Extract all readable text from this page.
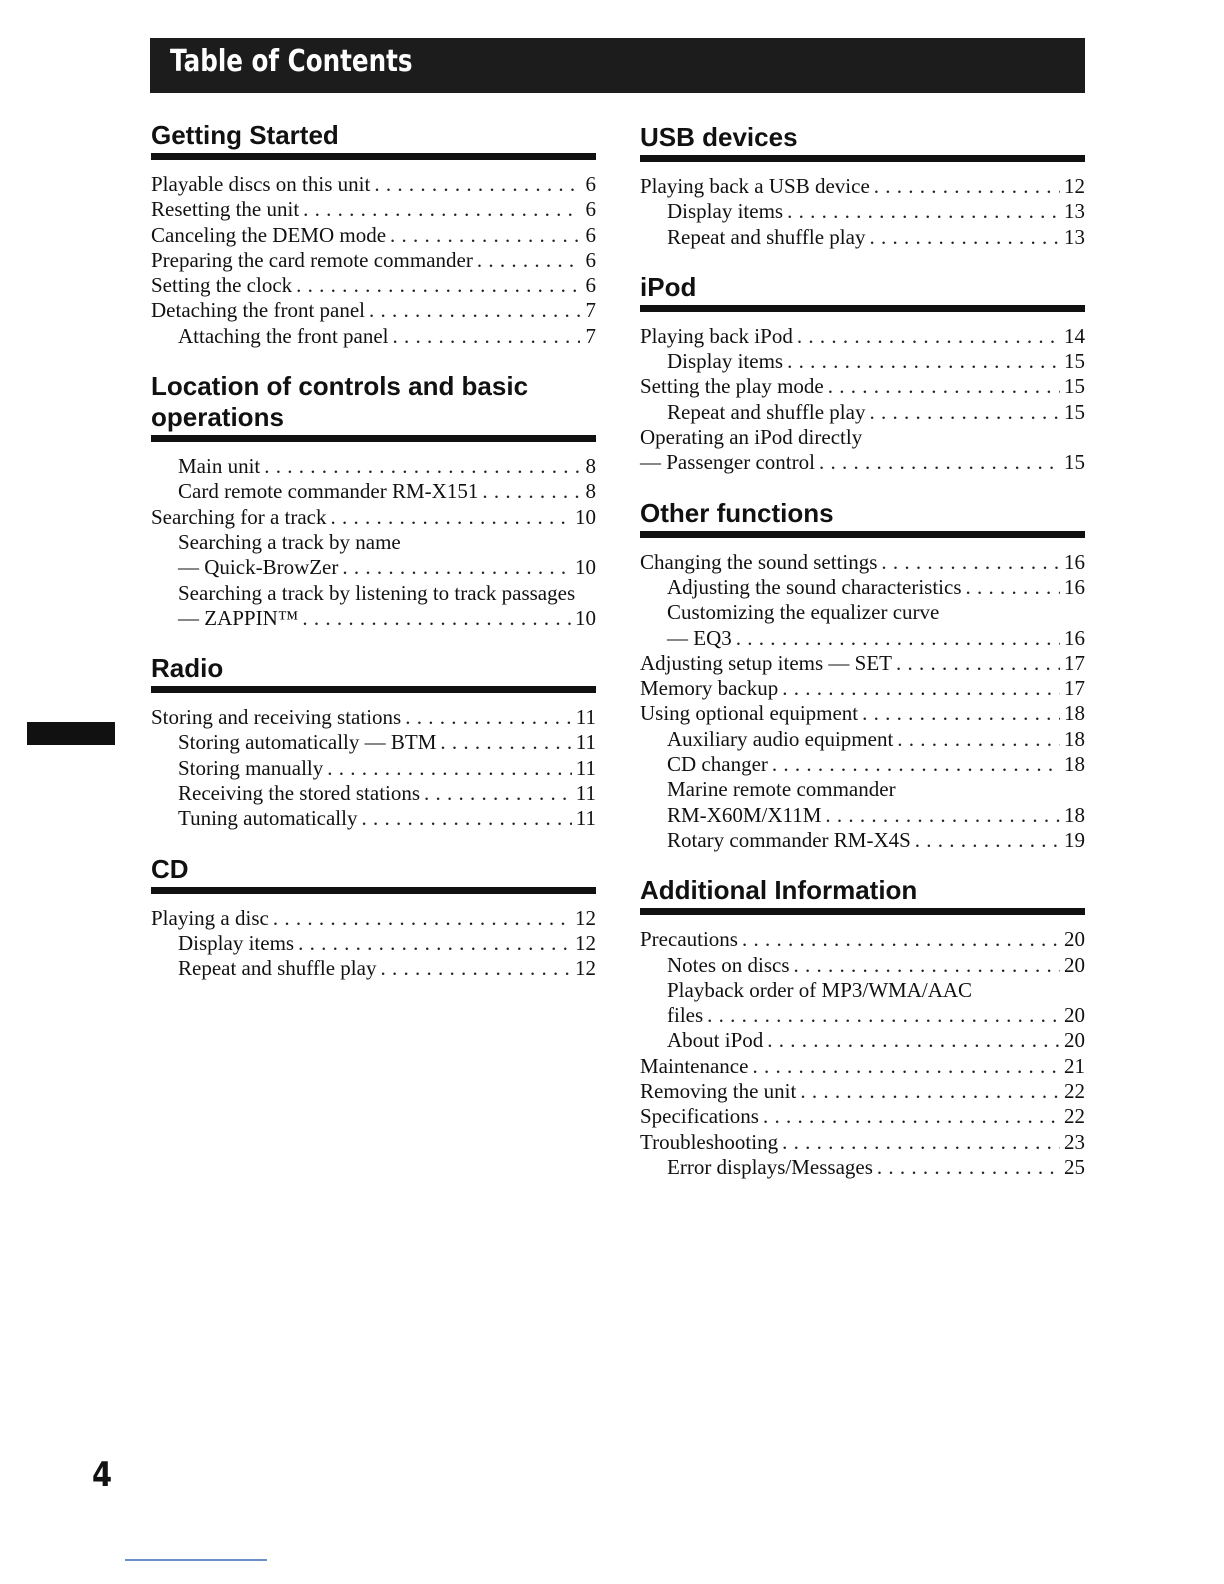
Table of Contents
Getting Started
Playable discs on this unit . . .	6
Resetting the unit . . .	6
Canceling the DEMO mode . . .	6
Preparing the card remote commander . . .	6
Setting the clock . . .	6
Detaching the front panel . . .	7
Attaching the front panel . . .	7
Location of controls and basic operations
Main unit . . .	8
Card remote commander RM-X151 . . .	8
Searching for a track . . .	10
Searching a track by name
— Quick-BrowZer . . .	10
Searching a track by listening to track passages
— ZAPPIN™ . . .	10
Radio
Storing and receiving stations . . .	11
Storing automatically — BTM . . .	11
Storing manually . . .	11
Receiving the stored stations . . .	11
Tuning automatically . . .	11
CD
Playing a disc . . .	12
Display items . . .	12
Repeat and shuffle play . . .	12
USB devices
Playing back a USB device . . .	12
Display items . . .	13
Repeat and shuffle play . . .	13
iPod
Playing back iPod . . .	14
Display items . . .	15
Setting the play mode . . .	15
Repeat and shuffle play . . .	15
Operating an iPod directly
— Passenger control . . .	15
Other functions
Changing the sound settings . . .	16
Adjusting the sound characteristics . . .	16
Customizing the equalizer curve
— EQ3 . . .	16
Adjusting setup items — SET . . .	17
Memory backup . . .	17
Using optional equipment . . .	18
Auxiliary audio equipment . . .	18
CD changer . . .	18
Marine remote commander
RM-X60M/X11M . . .	18
Rotary commander RM-X4S . . .	19
Additional Information
Precautions . . .	20
Notes on discs . . .	20
Playback order of MP3/WMA/AAC
files . . .	20
About iPod . . .	20
Maintenance . . .	21
Removing the unit . . .	22
Specifications . . .	22
Troubleshooting . . .	23
Error displays/Messages . . .	25
4
